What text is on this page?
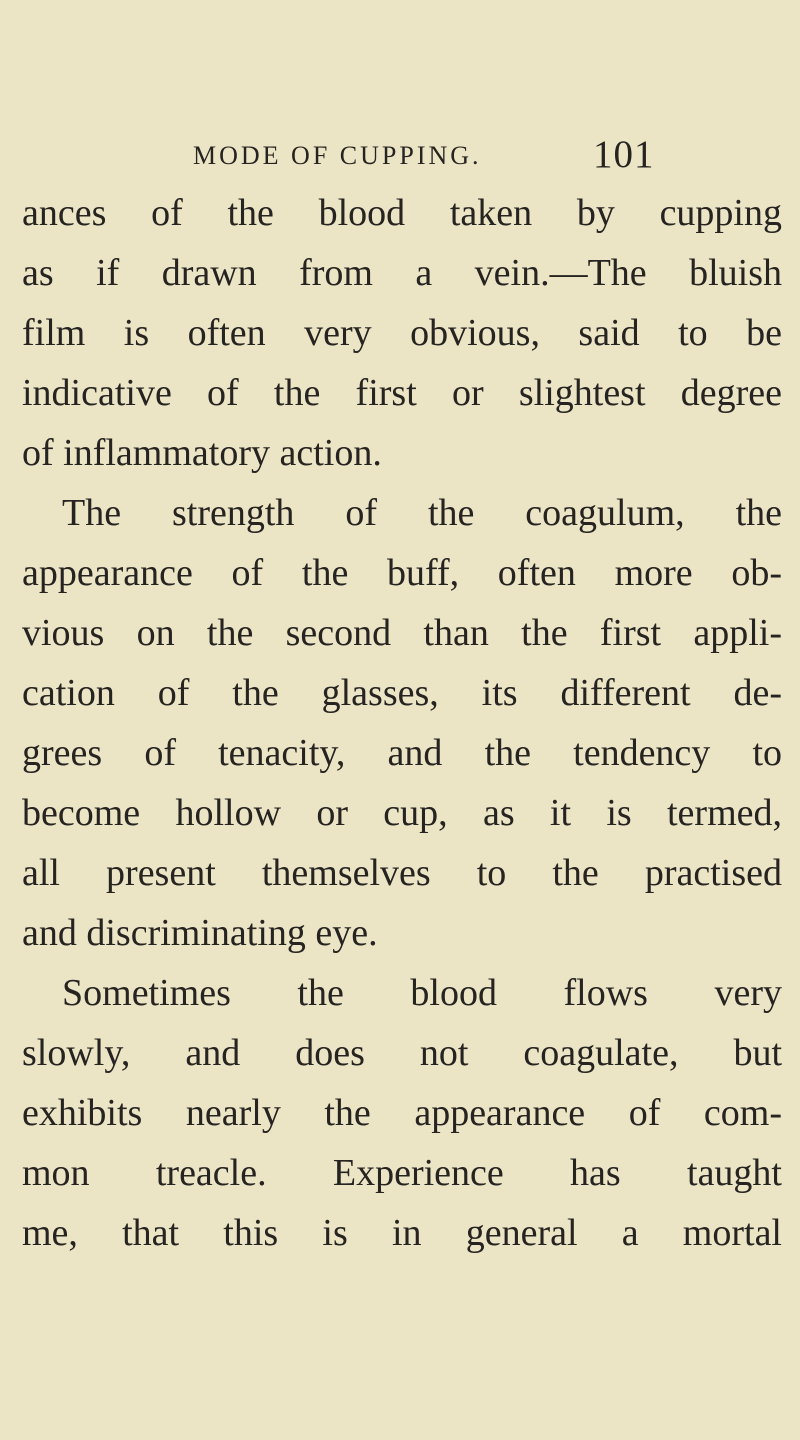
MODE OF CUPPING.	101
ances of the blood taken by cupping
as if drawn from a vein.—The bluish
film is often very obvious, said to be
indicative of the first or slightest degree
of inflammatory action.
The strength of the coagulum, the
appearance of the buff, often more ob-
vious on the second than the first appli-
cation of the glasses, its different de-
grees of tenacity, and the tendency to
become hollow or cup, as it is termed,
all present themselves to the practised
and discriminating eye.
Sometimes the blood flows very
slowly, and does not coagulate, but
exhibits nearly the appearance of com-
mon treacle. Experience has taught
me, that this is in general a mortal
